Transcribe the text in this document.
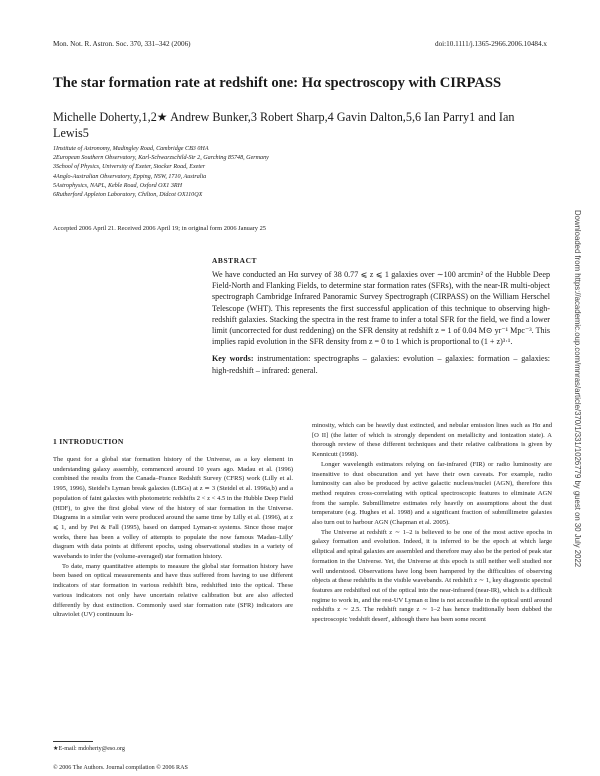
Mon. Not. R. Astron. Soc. 370, 331–342 (2006)	doi:10.1111/j.1365-2966.2006.10484.x
The star formation rate at redshift one: Hα spectroscopy with CIRPASS
Michelle Doherty,1,2★ Andrew Bunker,3 Robert Sharp,4 Gavin Dalton,5,6 Ian Parry1 and Ian Lewis5
1Institute of Astronomy, Madingley Road, Cambridge CB3 0HA
2European Southern Observatory, Karl-Schwarzschild-Str 2, Garching 85748, Germany
3School of Physics, University of Exeter, Stocker Road, Exeter
4Anglo-Australian Observatory, Epping, NSW, 1710, Australia
5Astrophysics, NAPL, Keble Road, Oxford OX1 3RH
6Rutherford Appleton Laboratory, Chilton, Didcot OX110QX
Accepted 2006 April 21. Received 2006 April 19; in original form 2006 January 25
ABSTRACT
We have conducted an Hα survey of 38 0.77 ⩽ z ⩽ 1 galaxies over ∼100 arcmin² of the Hubble Deep Field-North and Flanking Fields, to determine star formation rates (SFRs), with the near-IR multi-object spectrograph Cambridge Infrared Panoramic Survey Spectrograph (CIRPASS) on the William Herschel Telescope (WHT). This represents the first successful application of this technique to observing high-redshift galaxies. Stacking the spectra in the rest frame to infer a total SFR for the field, we find a lower limit (uncorrected for dust reddening) on the SFR density at redshift z = 1 of 0.04 M⊙ yr⁻¹ Mpc⁻³. This implies rapid evolution in the SFR density from z = 0 to 1 which is proportional to (1 + z)³·¹.
Key words: instrumentation: spectrographs – galaxies: evolution – galaxies: formation – galaxies: high-redshift – infrared: general.
1 INTRODUCTION

The quest for a global star formation history of the Universe, as a key element in understanding galaxy assembly, commenced around 10 years ago. Madau et al. (1996) combined the results from the Canada–France Redshift Survey (CFRS) work (Lilly et al. 1995, 1996), Steidel's Lyman break galaxies (LBGs) at z ≃ 3 (Steidel et al. 1996a,b) and a population of faint galaxies with photometric redshifts 2 < z < 4.5 in the Hubble Deep Field (HDF), to give the first global view of the history of star formation in the Universe. Diagrams in a similar vein were produced around the same time by Lilly et al. (1996), at z ⩽ 1, and by Pei & Fall (1995), based on damped Lyman-α systems. Since those major works, there has been a volley of attempts to populate the now famous 'Madau–Lilly' diagram with data points at different epochs, using observational studies in a variety of wavebands to infer the (volume-averaged) star formation history.

To date, many quantitative attempts to measure the global star formation history have been based on optical measurements and have thus suffered from having to use different indicators of star formation in various redshift bins, redshifted into the optical. These various indicators not only have uncertain relative calibration but are also affected differently by dust extinction. Commonly used star formation rate (SFR) indicators are ultraviolet (UV) continuum lu-

minosity, which can be heavily dust extincted, and nebular emission lines such as Hα and [O II] (the latter of which is strongly dependent on metallicity and ionization state). A thorough review of these different techniques and their relative calibrations is given by Kennicutt (1998).

Longer wavelength estimators relying on far-infrared (FIR) or radio luminosity are insensitive to dust obscuration and yet have their own caveats. For example, radio luminosity can also be produced by active galactic nucleus/nuclei (AGN), therefore this method requires cross-correlating with optical spectroscopic features to eliminate AGN from the sample. Submillimetre estimates rely heavily on assumptions about the dust temperature (e.g. Hughes et al. 1998) and a significant fraction of submillimetre galaxies also turn out to harbour AGN (Chapman et al. 2005).

The Universe at redshift z ∼ 1–2 is believed to be one of the most active epochs in galaxy formation and evolution. Indeed, it is inferred to be the epoch at which large elliptical and spiral galaxies are assembled and therefore may also be the period of peak star formation in the Universe. Yet, the Universe at this epoch is still neither well studied nor well understood. Observations have long been hampered by the difficulties of observing objects at these redshifts in the visible wavebands. At redshift z ∼ 1, key diagnostic spectral features are redshifted out of the optical into the near-infrared (near-IR), which is a difficult regime to work in, and the rest-UV Lyman α line is not accessible in the optical until around redshifts z ∼ 2.5. The redshift range z ∼ 1–2 has hence traditionally been dubbed the spectroscopic 'redshift desert', although there has been some recent

★E-mail: mdoherty@eso.org
© 2006 The Authors. Journal compilation © 2006 RAS
Downloaded from https://academic.oup.com/mnras/article/370/1/331/1026779 by guest on 30 July 2022
